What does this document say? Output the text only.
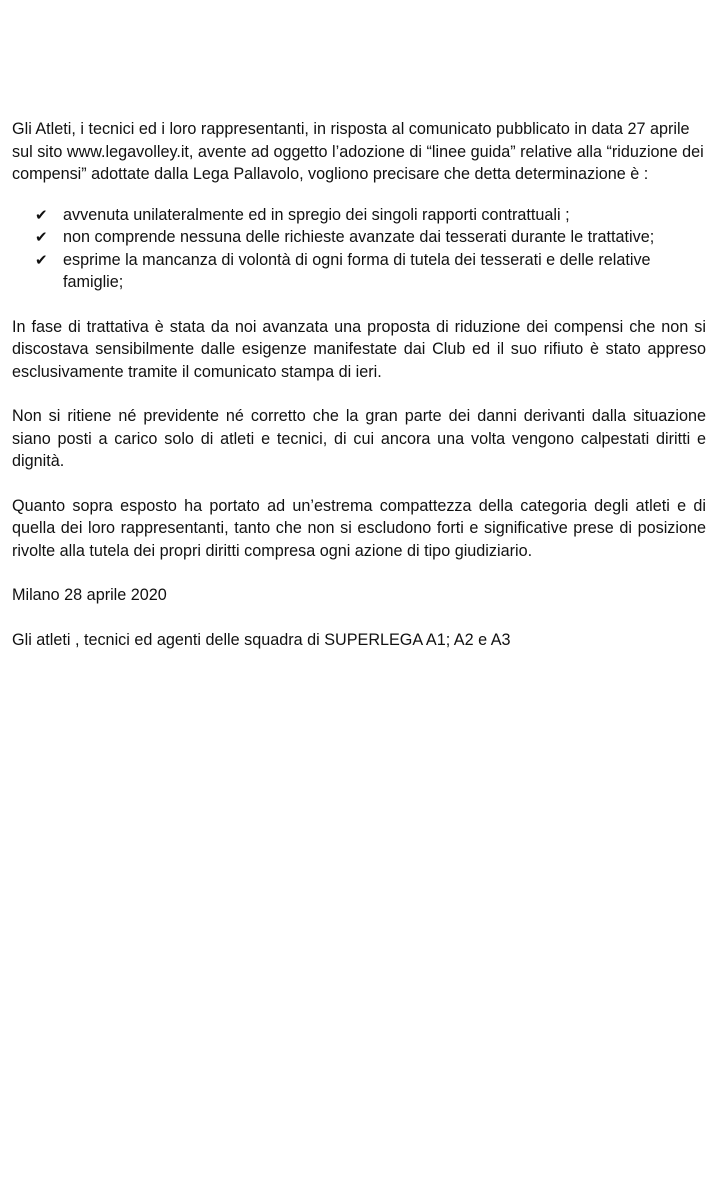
Gli Atleti, i tecnici ed i loro rappresentanti, in risposta al comunicato pubblicato in data 27 aprile sul sito www.legavolley.it, avente ad oggetto l’adozione di “linee guida” relative alla “riduzione dei compensi” adottate dalla Lega Pallavolo, vogliono precisare che detta determinazione è :

✔ avvenuta unilateralmente ed in spregio dei singoli rapporti contrattuali ;
✔ non comprende nessuna delle richieste avanzate dai tesserati durante le trattative;
✔ esprime la mancanza di volontà di ogni forma di tutela dei tesserati e delle relative famiglie;

In fase di trattativa è stata da noi avanzata una proposta di riduzione dei compensi che non si discostava sensibilmente dalle esigenze manifestate dai Club ed il suo rifiuto è stato appreso esclusivamente tramite il comunicato stampa di ieri.

Non si ritiene né previdente né corretto che la gran parte dei danni derivanti dalla situazione siano posti a carico solo di atleti e tecnici, di cui ancora una volta vengono calpestati diritti e dignità.

Quanto sopra esposto ha portato ad un’estrema compattezza della categoria degli atleti e di quella dei loro rappresentanti, tanto che non si escludono forti e significative prese di posizione rivolte alla tutela dei propri diritti compresa ogni azione di tipo giudiziario.

Milano 28 aprile 2020

Gli atleti , tecnici ed agenti delle squadra di SUPERLEGA A1; A2 e A3
